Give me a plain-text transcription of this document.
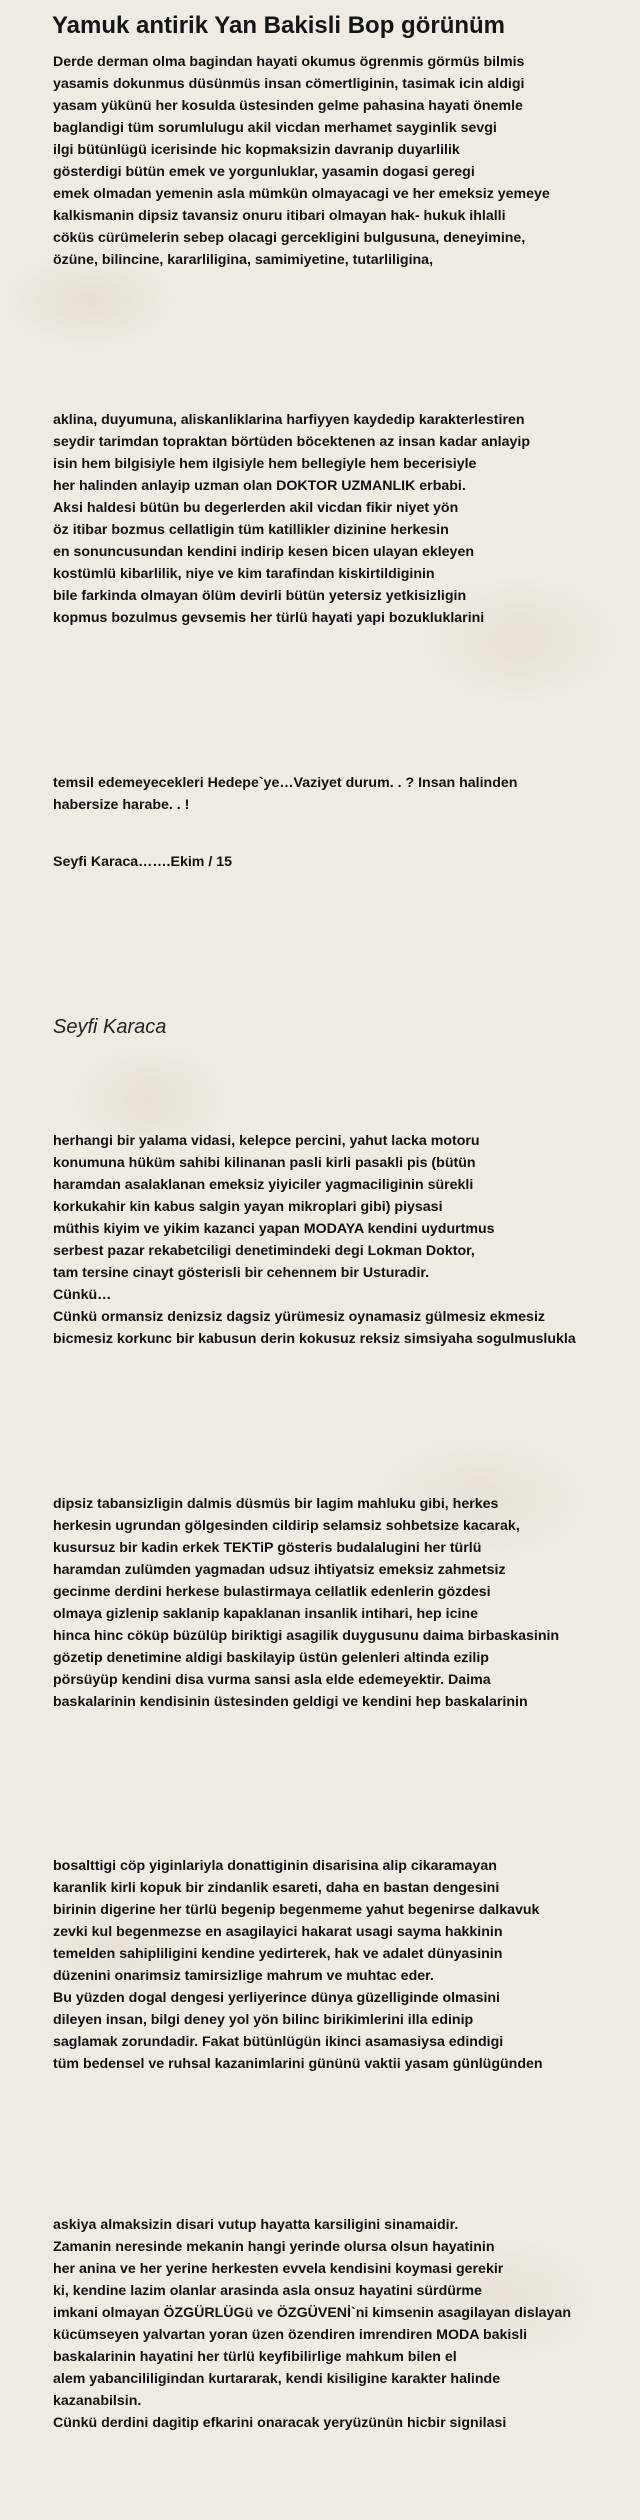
Yamuk antirik Yan Bakisli Bop görünüm
Derde derman olma bagindan hayati okumus ögrenmis görmüs bilmis
yasamis dokunmus düsünmüs insan cömertliginin, tasimak icin aldigi
yasam yükünü her kosulda üstesinden gelme pahasina hayati önemle
baglandigi tüm sorumlulugu akil vicdan merhamet sayginlik sevgi
ilgi bütünlügü icerisinde hic kopmaksizin davranip duyarlilik
gösterdigi bütün emek ve yorgunluklar, yasamin dogasi geregi
emek olmadan yemenin asla mümkün olmayacagi ve her emeksiz yemeye
kalkismanin dipsiz tavansiz onuru itibari olmayan hak- hukuk ihlalli
cöküs cürümelerin sebep olacagi gercekligini bulgusuna, deneyimine,
özüne, bilincine, kararliligina, samimiyetine, tutarliligina,
aklina, duyumuna, aliskanliklarina harfiyyen kaydedip karakterlestiren
seydir tarimdan topraktan börtüden böcektenen az insan kadar anlayip
isin hem bilgisiyle hem ilgisiyle hem bellegiyle hem becerisiyle
her halinden anlayip uzman olan DOKTOR UZMANLIK erbabi.
Aksi haldesi bütün bu degerlerden akil vicdan fikir niyet yön
öz itibar bozmus cellatligin tüm katillikler dizinine herkesin
en sonuncusundan kendini indirip kesen bicen ulayan ekleyen
kostümlü kibarlilik, niye ve kim tarafindan kiskirtildiginin
bile farkinda olmayan ölüm devirli bütün yetersiz yetkisizligin
kopmus bozulmus gevsemis her türlü hayati yapi bozukluklarini
temsil edemeyecekleri Hedepe`ye…Vaziyet durum. . ? Insan halinden
habersize harabe. . !
Seyfi Karaca…….Ekim / 15
Seyfi Karaca
herhangi bir yalama vidasi, kelepce percini, yahut lacka motoru
konumuna hüküm sahibi kilinanan pasli kirli pasakli pis (bütün
haramdan asalaklanan emeksiz yiyiciler yagmaciliginin sürekli
korkukahir kin kabus salgin yayan mikroplari gibi) piysasi
müthis kiyim ve yikim kazanci yapan MODAYA kendini uydurtmus
serbest pazar rekabetciligi denetimindeki degi Lokman Doktor,
tam tersine cinayt gösterisli bir cehennem bir Usturadir.
Cünkü…
Cünkü ormansiz denizsiz dagsiz yürümesiz oynamasiz gülmesiz ekmesiz
bicmesiz korkunc bir kabusun derin kokusuz reksiz simsiyaha sogulmuslukla
dipsiz tabansizligin dalmis düsmüs bir lagim mahluku gibi, herkes
herkesin ugrundan gölgesinden cildirip selamsiz sohbetsize kacarak,
kusursuz bir kadin erkek TEKTiP gösteris budalalugini her türlü
haramdan zulümden yagmadan udsuz ihtiyatsiz emeksiz zahmetsiz
gecinme derdini herkese bulastirmaya cellatlik edenlerin gözdesi
olmaya gizlenip saklanip kapaklanan insanlik intihari, hep icine
hinca hinc cöküp büzülüp biriktigi asagilik duygusunu daima birbaskasinin
gözetip denetimine aldigi baskilayip üstün gelenleri altinda ezilip
pörsüyüp kendini disa vurma sansi asla elde edemeyektir. Daima
baskalarinin kendisinin üstesinden geldigi ve kendini hep baskalarinin
bosalttigi cöp yiginlariyla donattiginin disarisina alip cikaramayan
karanlik kirli kopuk bir zindanlik esareti, daha en bastan dengesini
birinin digerine her türlü begenip begenmeme yahut begenirse dalkavuk
zevki kul begenmezse en asagilayici hakarat usagi sayma hakkinin
temelden sahipliligini kendine yedirterek, hak ve adalet dünyasinin
düzenini onarimsiz tamirsizlige mahrum ve muhtac eder.
Bu yüzden dogal dengesi yerliyerince dünya güzelliginde olmasini
dileyen insan, bilgi deney yol yön bilinc birikimlerini illa edinip
saglamak zorundadir. Fakat bütünlügün ikinci asamasiysa edindigi
tüm bedensel ve ruhsal kazanimlarini gününü vaktii yasam günlügünden
askiya almaksizin disari vutup hayatta karsiligini sinamaidir.
Zamanin neresinde mekanin hangi yerinde olursa olsun hayatinin
her anina ve her yerine herkesten evvela kendisini koymasi gerekir
ki, kendine lazim olanlar arasinda asla onsuz hayatini sürdürme
imkani olmayan ÖZGÜRLÜGü ve ÖZGÜVENİ`ni kimsenin asagilayan dislayan
kücümseyen yalvartan yoran üzen özendiren imrendiren MODA bakisli
baskalarinin hayatini her türlü keyfibilirlige mahkum bilen el
alem yabancililigindan kurtararak, kendi kisiligine karakter halinde
kazanabilsin.
Cünkü derdini dagitip efkarini onaracak yeryüzünün hicbir signilasi
